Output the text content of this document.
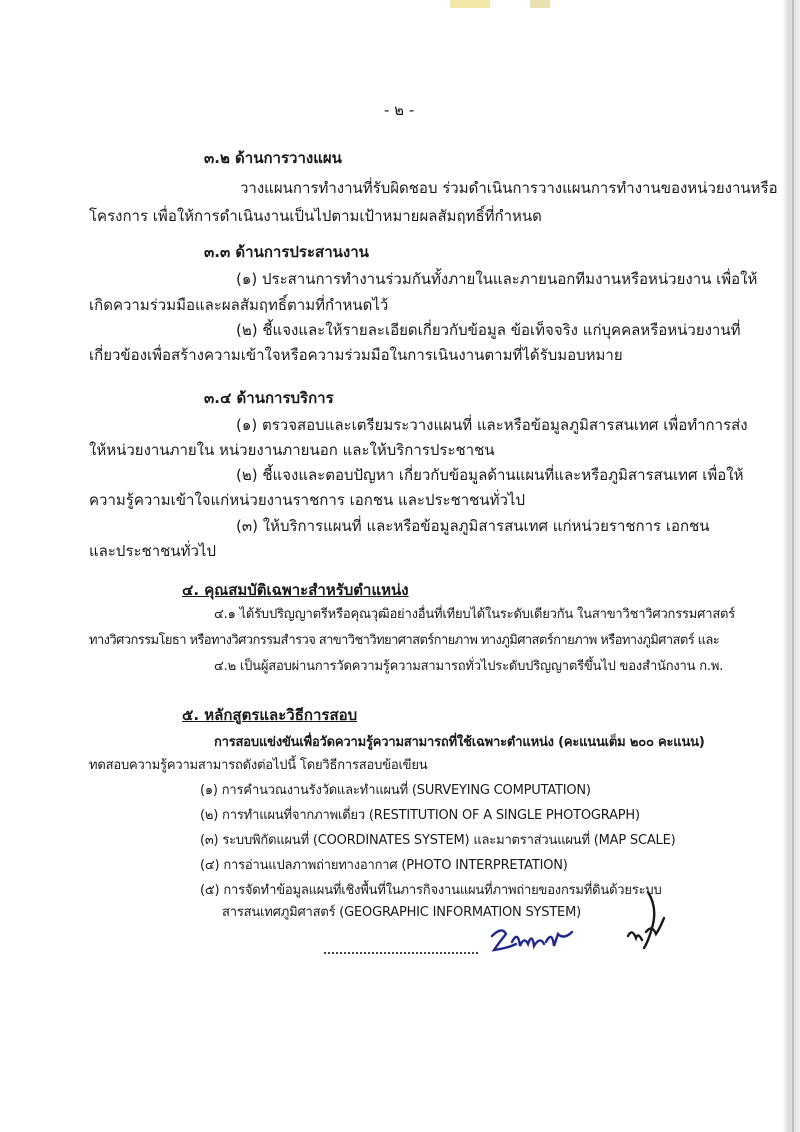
- ๒ -
๓.๒ ด้านการวางแผน
วางแผนการทำงานที่รับผิดชอบ ร่วมดำเนินการวางแผนการทำงานของหน่วยงานหรือ
โครงการ เพื่อให้การดำเนินงานเป็นไปตามเป้าหมายผลสัมฤทธิ์ที่กำหนด
๓.๓ ด้านการประสานงาน
(๑) ประสานการทำงานร่วมกันทั้งภายในและภายนอกทีมงานหรือหน่วยงาน เพื่อให้
เกิดความร่วมมือและผลสัมฤทธิ์ตามที่กำหนดไว้
(๒) ชี้แจงและให้รายละเอียดเกี่ยวกับข้อมูล ข้อเท็จจริง แก่บุคคลหรือหน่วยงานที่
เกี่ยวข้องเพื่อสร้างความเข้าใจหรือความร่วมมือในการเนินงานตามที่ได้รับมอบหมาย
๓.๔ ด้านการบริการ
(๑) ตรวจสอบและเตรียมระวางแผนที่ และหรือข้อมูลภูมิสารสนเทศ เพื่อทำการส่ง
ให้หน่วยงานภายใน หน่วยงานภายนอก และให้บริการประชาชน
(๒) ชี้แจงและตอบปัญหา เกี่ยวกับข้อมูลด้านแผนที่และหรือภูมิสารสนเทศ เพื่อให้
ความรู้ความเข้าใจแก่หน่วยงานราชการ เอกชน และประชาชนทั่วไป
(๓) ให้บริการแผนที่ และหรือข้อมูลภูมิสารสนเทศ แก่หน่วยราชการ เอกชน
และประชาชนทั่วไป
๔. คุณสมบัติเฉพาะสำหรับตำแหน่ง
๔.๑ ได้รับปริญญาตรีหรือคุณวุฒิอย่างอื่นที่เทียบได้ในระดับเดียวกัน ในสาขาวิชาวิศวกรรมศาสตร์
ทางวิศวกรรมโยธา หรือทางวิศวกรรมสำรวจ สาขาวิชาวิทยาศาสตร์กายภาพ ทางภูมิศาสตร์กายภาพ หรือทางภูมิศาสตร์ และ
๔.๒ เป็นผู้สอบผ่านการวัดความรู้ความสามารถทั่วไประดับปริญญาตรีขึ้นไป ของสำนักงาน ก.พ.
๕. หลักสูตรและวิธีการสอบ
การสอบแข่งขันเพื่อวัดความรู้ความสามารถที่ใช้เฉพาะตำแหน่ง (คะแนนเต็ม ๒๐๐ คะแนน)
ทดสอบความรู้ความสามารถดังต่อไปนี้ โดยวิธีการสอบข้อเขียน
(๑) การคำนวณงานรังวัดและทำแผนที่ (SURVEYING COMPUTATION)
(๒) การทำแผนที่จากภาพเดี่ยว (RESTITUTION OF A SINGLE PHOTOGRAPH)
(๓) ระบบพิกัดแผนที่ (COORDINATES SYSTEM) และมาตราส่วนแผนที่ (MAP SCALE)
(๔) การอ่านแปลภาพถ่ายทางอากาศ (PHOTO INTERPRETATION)
(๕) การจัดทำข้อมูลแผนที่เชิงพื้นที่ในภารกิจงานแผนที่ภาพถ่ายของกรมที่ดินด้วยระบบ
สารสนเทศภูมิศาสตร์ (GEOGRAPHIC INFORMATION SYSTEM)
